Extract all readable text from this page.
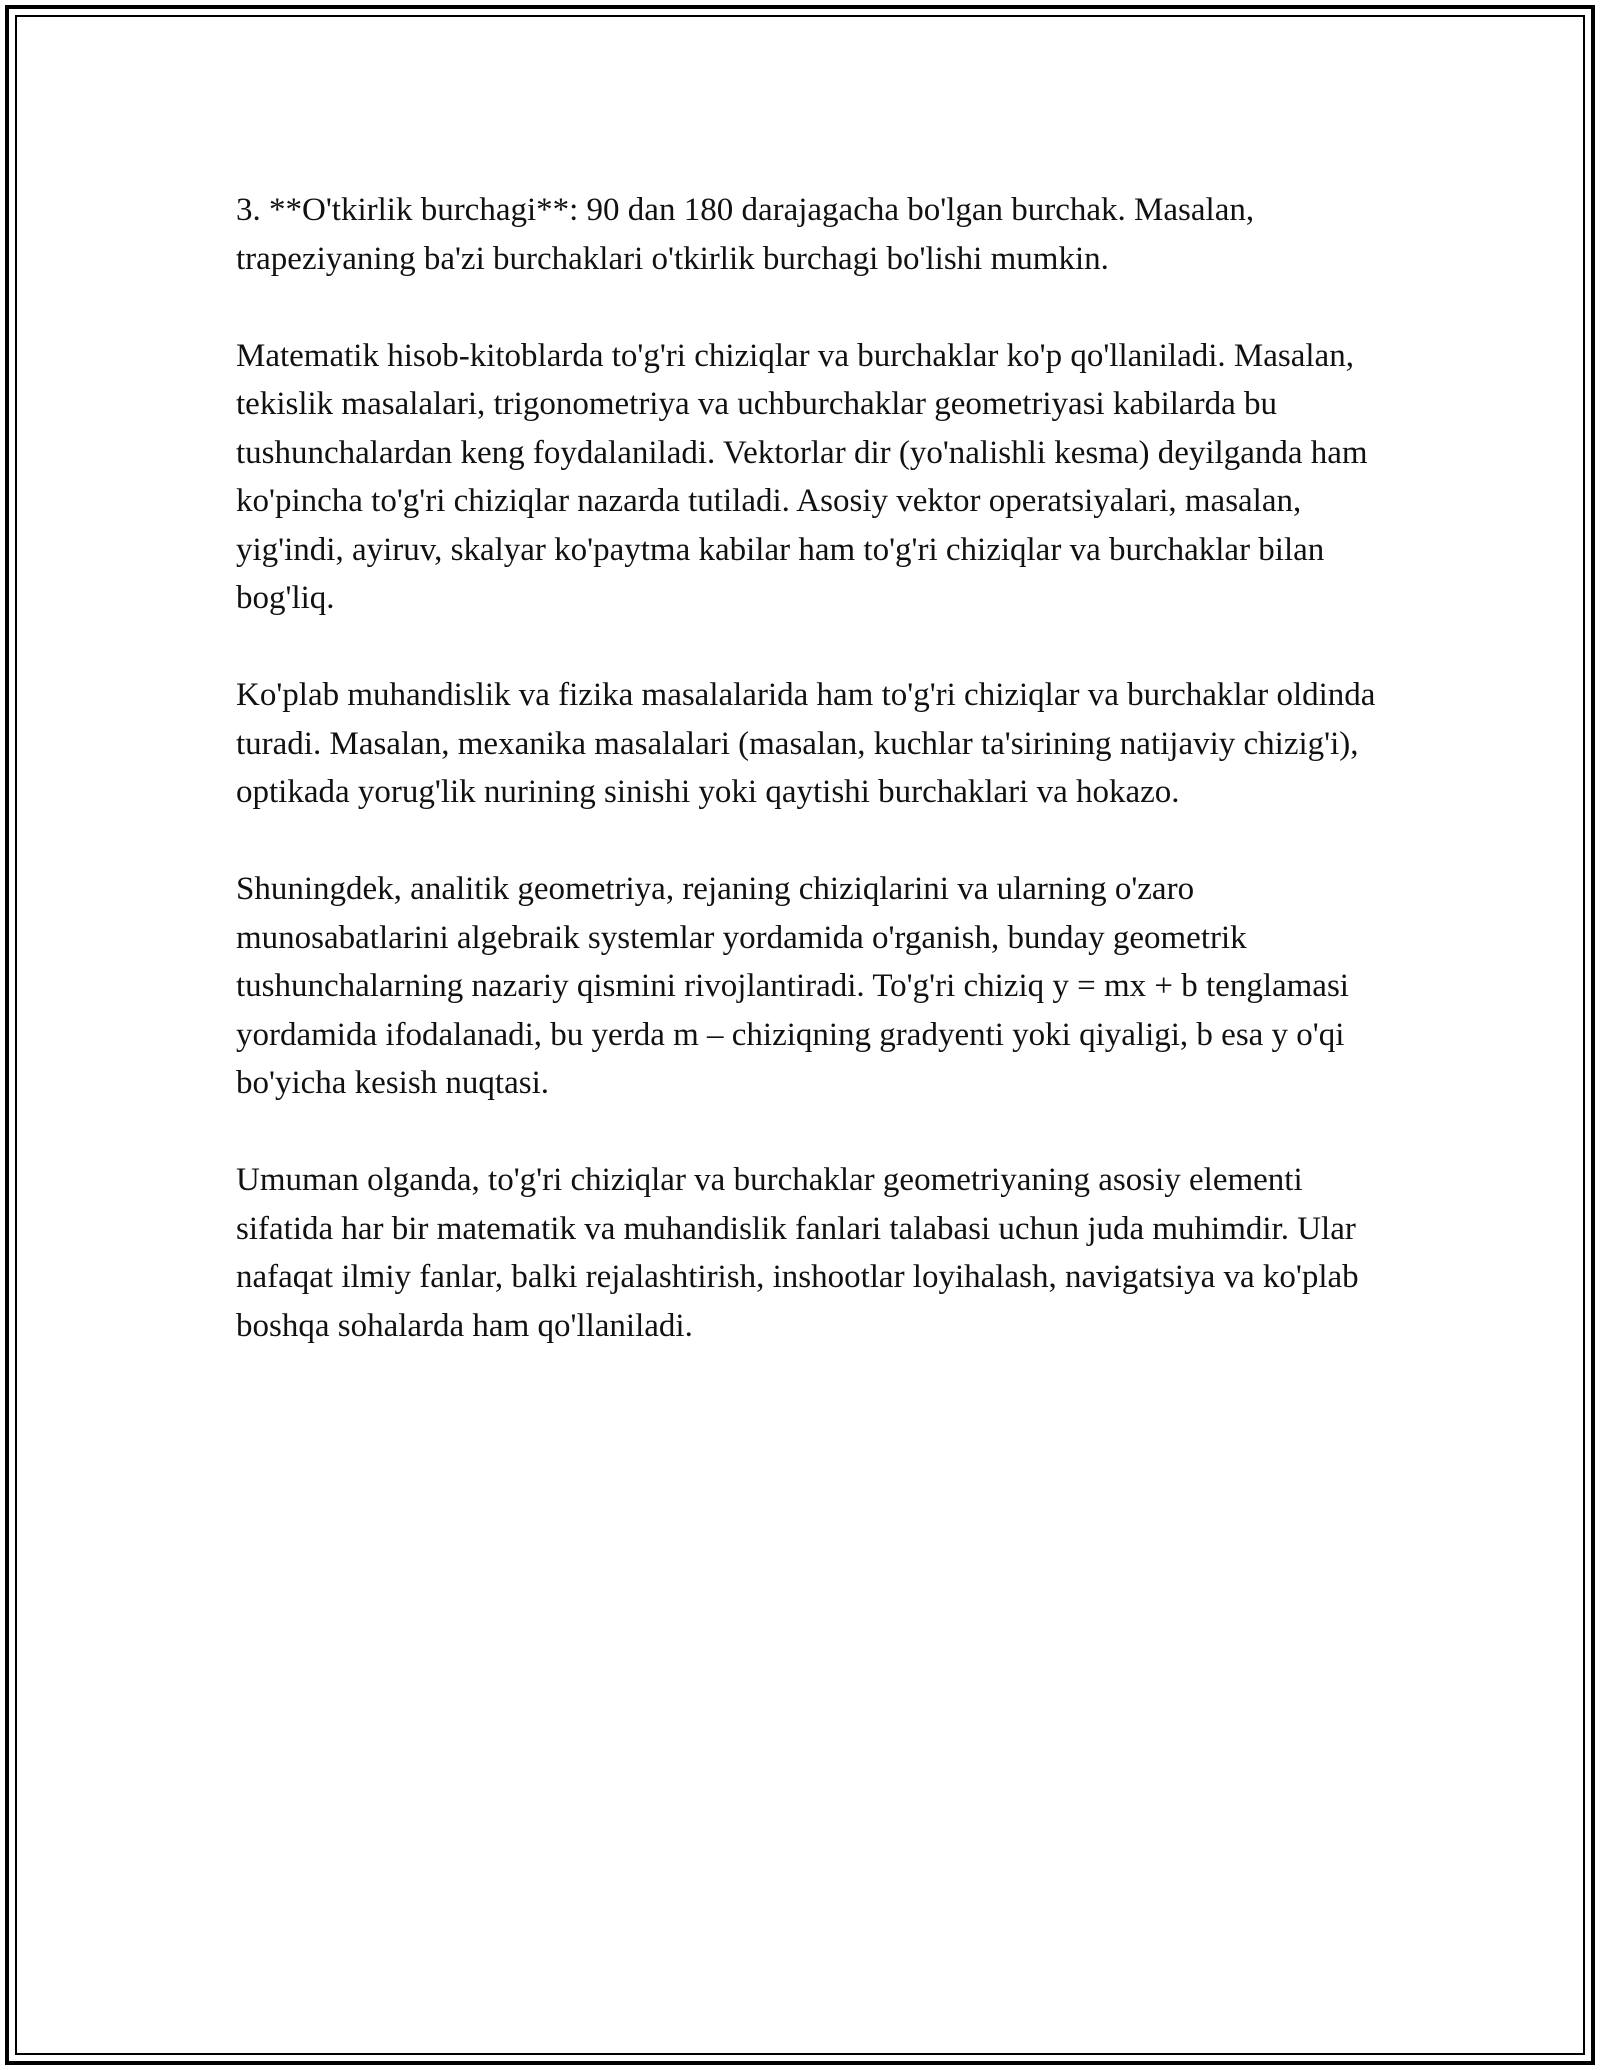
3. **O'tkirlik burchagi**: 90 dan 180 darajagacha bo'lgan burchak. Masalan, trapeziyaning ba'zi burchaklari o'tkirlik burchagi bo'lishi mumkin.

Matematik hisob-kitoblarda to'g'ri chiziqlar va burchaklar ko'p qo'llaniladi. Masalan, tekislik masalalari, trigonometriya va uchburchaklar geometriyasi kabilarda bu tushunchalardan keng foydalaniladi. Vektorlar dir (yo'nalishli kesma) deyilganda ham ko'pincha to'g'ri chiziqlar nazarda tutiladi. Asosiy vektor operatsiyalari, masalan, yig'indi, ayiruv, skalyar ko'paytma kabilar ham to'g'ri chiziqlar va burchaklar bilan bog'liq.

Ko'plab muhandislik va fizika masalalarida ham to'g'ri chiziqlar va burchaklar oldinda turadi. Masalan, mexanika masalalari (masalan, kuchlar ta'sirining natijaviy chizig'i), optikada yorug'lik nurining sinishi yoki qaytishi burchaklari va hokazo.

Shuningdek, analitik geometriya, rejaning chiziqlarini va ularning o'zaro munosabatlarini algebraik systemlar yordamida o'rganish, bunday geometrik tushunchalarning nazariy qismini rivojlantiradi. To'g'ri chiziq y = mx + b tenglamasi yordamida ifodalanadi, bu yerda m – chiziqning gradyenti yoki qiyaligi, b esa y o'qi bo'yicha kesish nuqtasi.

Umuman olganda, to'g'ri chiziqlar va burchaklar geometriyaning asosiy elementi sifatida har bir matematik va muhandislik fanlari talabasi uchun juda muhimdir. Ular nafaqat ilmiy fanlar, balki rejalashtirish, inshootlar loyihalash, navigatsiya va ko'plab boshqa sohalarda ham qo'llaniladi.
